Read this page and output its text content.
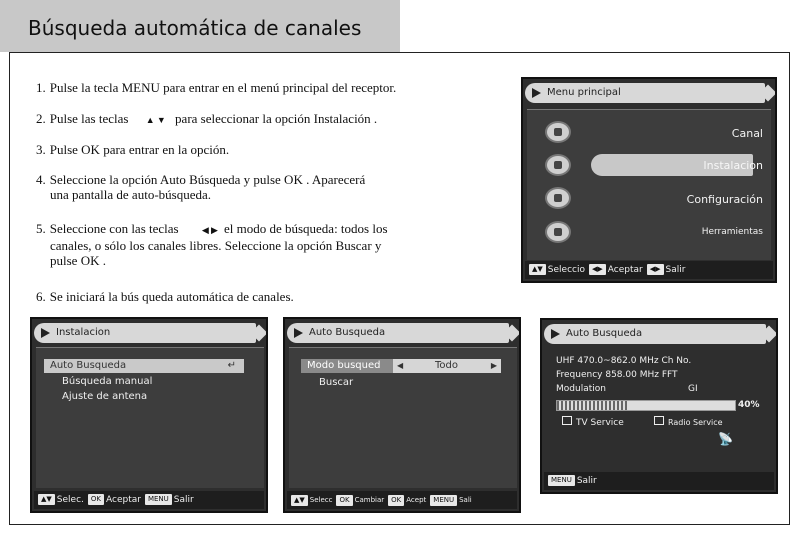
Búsqueda automática de canales
1. Pulse la tecla MENU para entrar en el menú principal del receptor.
2. Pulse las teclas ▲ ▼ para seleccionar la opción Instalación .
3. Pulse OK para entrar en la opción.
4. Seleccione la opción Auto Búsqueda y pulse OK . Aparecerá
una pantalla de auto-búsqueda.
5. Seleccione con las teclas	◀ ▶ el modo de búsqueda: todos los
canales, o sólo los canales libres. Seleccione la opción Buscar y
pulse OK .
6. Se iniciará la bús queda automática de canales.
Menu principal
Canal
Instalacion
Configuración
Herramientas
▲▼ Seleccio ◀▶ Aceptar ◀▶ Salir
Instalacion
Auto Busqueda	↵
Búsqueda manual
Ajuste de antena
▲▼ Selec. OK Aceptar MENU Salir
Auto Busqueda
Modo busqued ◀	Todo	▶
Buscar
▲▼ Selecc OK Cambiar OK Acept MENU Sali
Auto Busqueda
UHF 470.0~862.0 MHz Ch No.
Frequency 858.00 MHz FFT
Modulation	GI
40%
TV Service	Radio Service
📡
MENU Salir
